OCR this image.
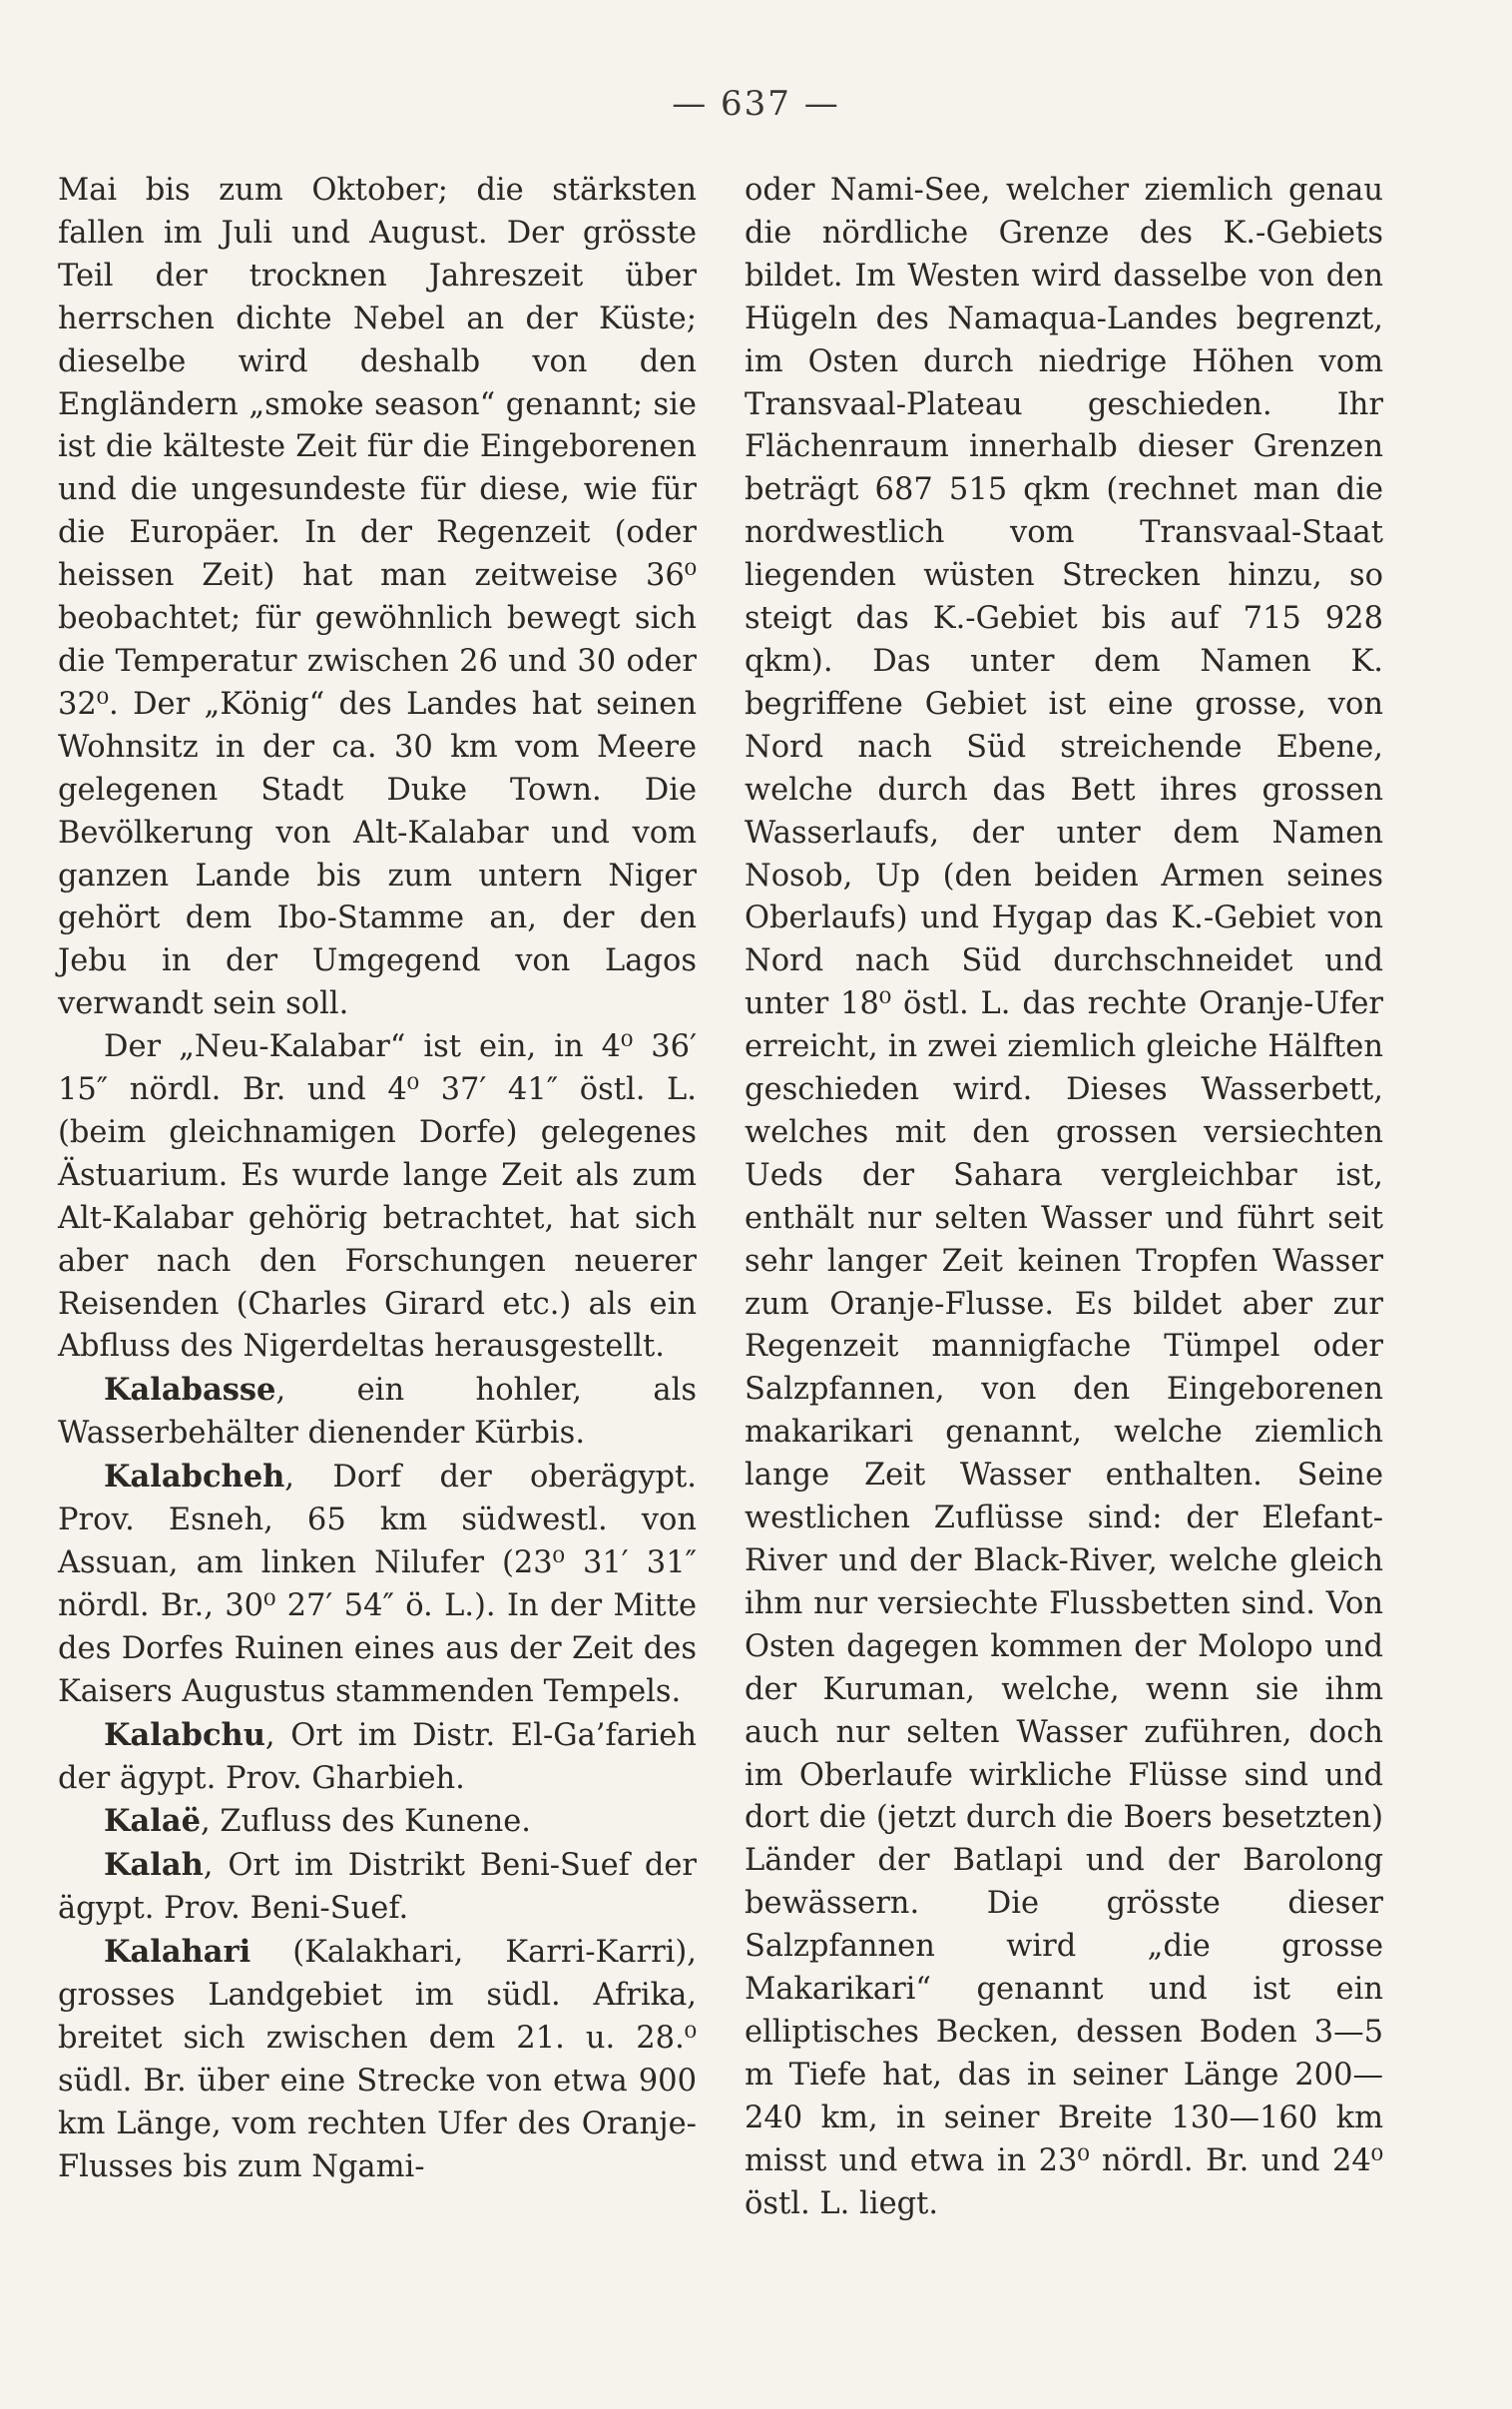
— 637 —

Mai bis zum Oktober; die stärksten fallen im Juli und August. Der grösste Teil der trocknen Jahreszeit über herrschen dichte Nebel an der Küste; dieselbe wird deshalb von den Engländern „smoke season“ genannt; sie ist die kälteste Zeit für die Eingeborenen und die ungesundeste für diese, wie für die Europäer. In der Regenzeit (oder heissen Zeit) hat man zeitweise 36⁰ beobachtet; für gewöhnlich bewegt sich die Temperatur zwischen 26 und 30 oder 32⁰. Der „König“ des Landes hat seinen Wohnsitz in der ca. 30 km vom Meere gelegenen Stadt Duke Town. Die Bevölkerung von Alt-Kalabar und vom ganzen Lande bis zum untern Niger gehört dem Ibo-Stamme an, der den Jebu in der Umgegend von Lagos verwandt sein soll.

Der „Neu-Kalabar“ ist ein, in 4⁰ 36′ 15″ nördl. Br. und 4⁰ 37′ 41″ östl. L. (beim gleichnamigen Dorfe) gelegenes Ästuarium. Es wurde lange Zeit als zum Alt-Kalabar gehörig betrachtet, hat sich aber nach den Forschungen neuerer Reisenden (Charles Girard etc.) als ein Abfluss des Nigerdeltas herausgestellt.

Kalabasse, ein hohler, als Wasserbehälter dienender Kürbis.

Kalabcheh, Dorf der oberägypt. Prov. Esneh, 65 km südwestl. von Assuan, am linken Nilufer (23⁰ 31′ 31″ nördl. Br., 30⁰ 27′ 54″ ö. L.). In der Mitte des Dorfes Ruinen eines aus der Zeit des Kaisers Augustus stammenden Tempels.

Kalabchu, Ort im Distr. El-Ga’farieh der ägypt. Prov. Gharbieh.

Kalaë, Zufluss des Kunene.

Kalah, Ort im Distrikt Beni-Suef der ägypt. Prov. Beni-Suef.

Kalahari (Kalakhari, Karri-Karri), grosses Landgebiet im südl. Afrika, breitet sich zwischen dem 21. u. 28.⁰ südl. Br. über eine Strecke von etwa 900 km Länge, vom rechten Ufer des Oranje-Flusses bis zum Ngami-

oder Nami-See, welcher ziemlich genau die nördliche Grenze des K.-Gebiets bildet. Im Westen wird dasselbe von den Hügeln des Namaqua-Landes begrenzt, im Osten durch niedrige Höhen vom Transvaal-Plateau geschieden. Ihr Flächenraum innerhalb dieser Grenzen beträgt 687 515 qkm (rechnet man die nordwestlich vom Transvaal-Staat liegenden wüsten Strecken hinzu, so steigt das K.-Gebiet bis auf 715 928 qkm). Das unter dem Namen K. begriffene Gebiet ist eine grosse, von Nord nach Süd streichende Ebene, welche durch das Bett ihres grossen Wasserlaufs, der unter dem Namen Nosob, Up (den beiden Armen seines Oberlaufs) und Hygap das K.-Gebiet von Nord nach Süd durchschneidet und unter 18⁰ östl. L. das rechte Oranje-Ufer erreicht, in zwei ziemlich gleiche Hälften geschieden wird. Dieses Wasserbett, welches mit den grossen versiechten Ueds der Sahara vergleichbar ist, enthält nur selten Wasser und führt seit sehr langer Zeit keinen Tropfen Wasser zum Oranje-Flusse. Es bildet aber zur Regenzeit mannigfache Tümpel oder Salzpfannen, von den Eingeborenen makarikari genannt, welche ziemlich lange Zeit Wasser enthalten. Seine westlichen Zuflüsse sind: der Elefant-River und der Black-River, welche gleich ihm nur versiechte Flussbetten sind. Von Osten dagegen kommen der Molopo und der Kuruman, welche, wenn sie ihm auch nur selten Wasser zuführen, doch im Oberlaufe wirkliche Flüsse sind und dort die (jetzt durch die Boers besetzten) Länder der Batlapi und der Barolong bewässern. Die grösste dieser Salzpfannen wird „die grosse Makarikari“ genannt und ist ein elliptisches Becken, dessen Boden 3—5 m Tiefe hat, das in seiner Länge 200—240 km, in seiner Breite 130—160 km misst und etwa in 23⁰ nördl. Br. und 24⁰ östl. L. liegt.
